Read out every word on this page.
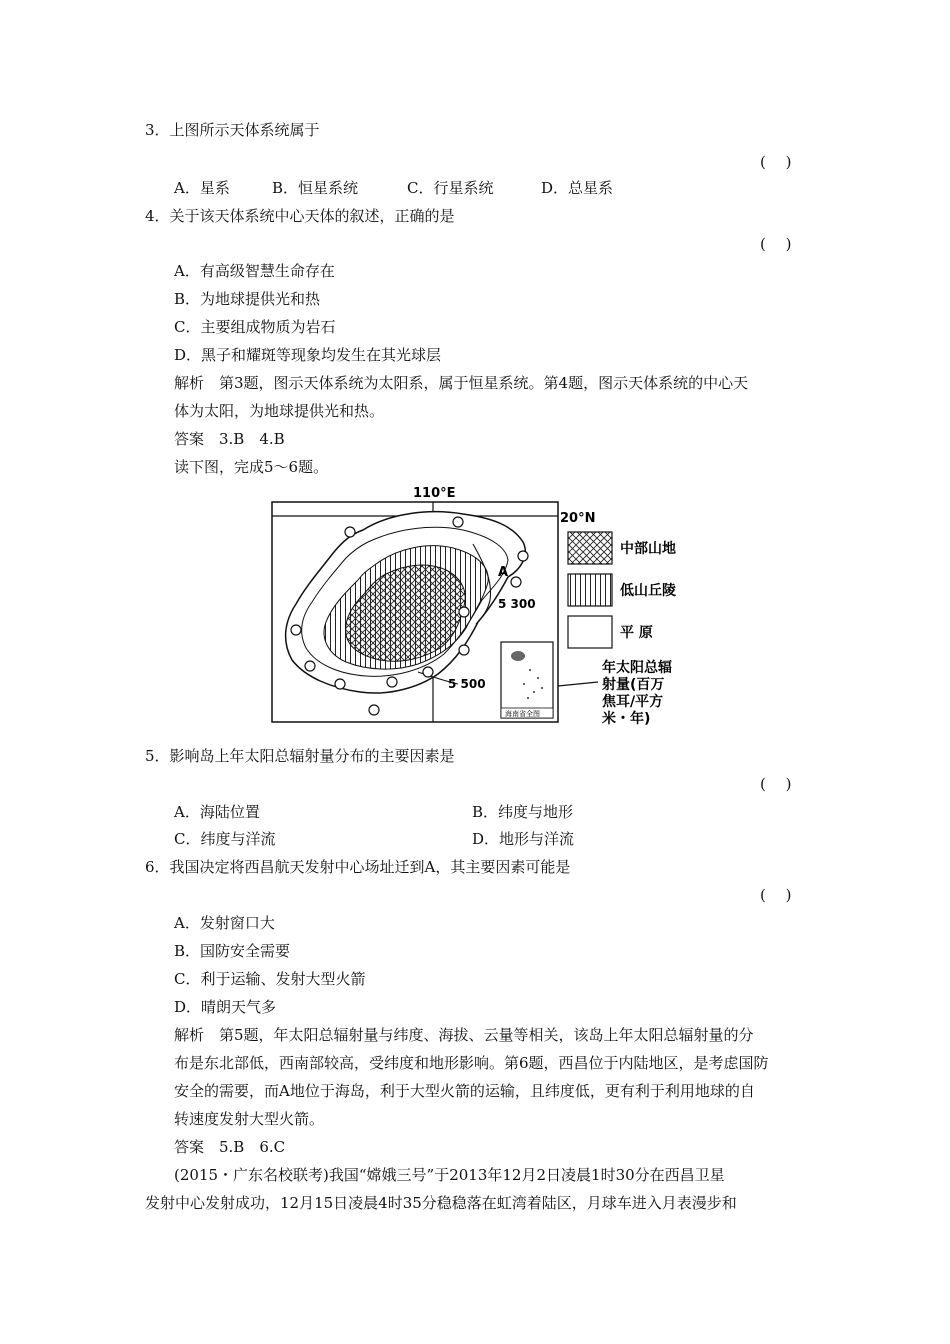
3．上图所示天体系统属于
(　 )
A．星系	B．恒星系统	C．行星系统	D．总星系
4．关于该天体系统中心天体的叙述，正确的是
(　 )
A．有高级智慧生命存在
B．为地球提供光和热
C．主要组成物质为岩石
D．黑子和耀斑等现象均发生在其光球层
解析　第3题，图示天体系统为太阳系，属于恒星系统。第4题，图示天体系统的中心天
体为太阳，为地球提供光和热。
答案　3.B　4.B
读下图，完成5～6题。
110°E
20°N
A
5 300
5 500
海南省全图
中部山地
低山丘陵
平 原
年太阳总辐
射量(百万
焦耳/平方
米・年)
5．影响岛上年太阳总辐射量分布的主要因素是
(　 )
A．海陆位置	B．纬度与地形
C．纬度与洋流	D．地形与洋流
6．我国决定将西昌航天发射中心场址迁到A，其主要因素可能是
(　 )
A．发射窗口大
B．国防安全需要
C．利于运输、发射大型火箭
D．晴朗天气多
解析　第5题，年太阳总辐射量与纬度、海拔、云量等相关，该岛上年太阳总辐射量的分
布是东北部低，西南部较高，受纬度和地形影响。第6题，西昌位于内陆地区，是考虑国防
安全的需要，而A地位于海岛，利于大型火箭的运输，且纬度低，更有利于利用地球的自
转速度发射大型火箭。
答案　5.B　6.C
(2015・广东名校联考)我国“嫦娥三号”于2013年12月2日凌晨1时30分在西昌卫星
发射中心发射成功，12月15日凌晨4时35分稳稳落在虹湾着陆区，月球车进入月表漫步和
